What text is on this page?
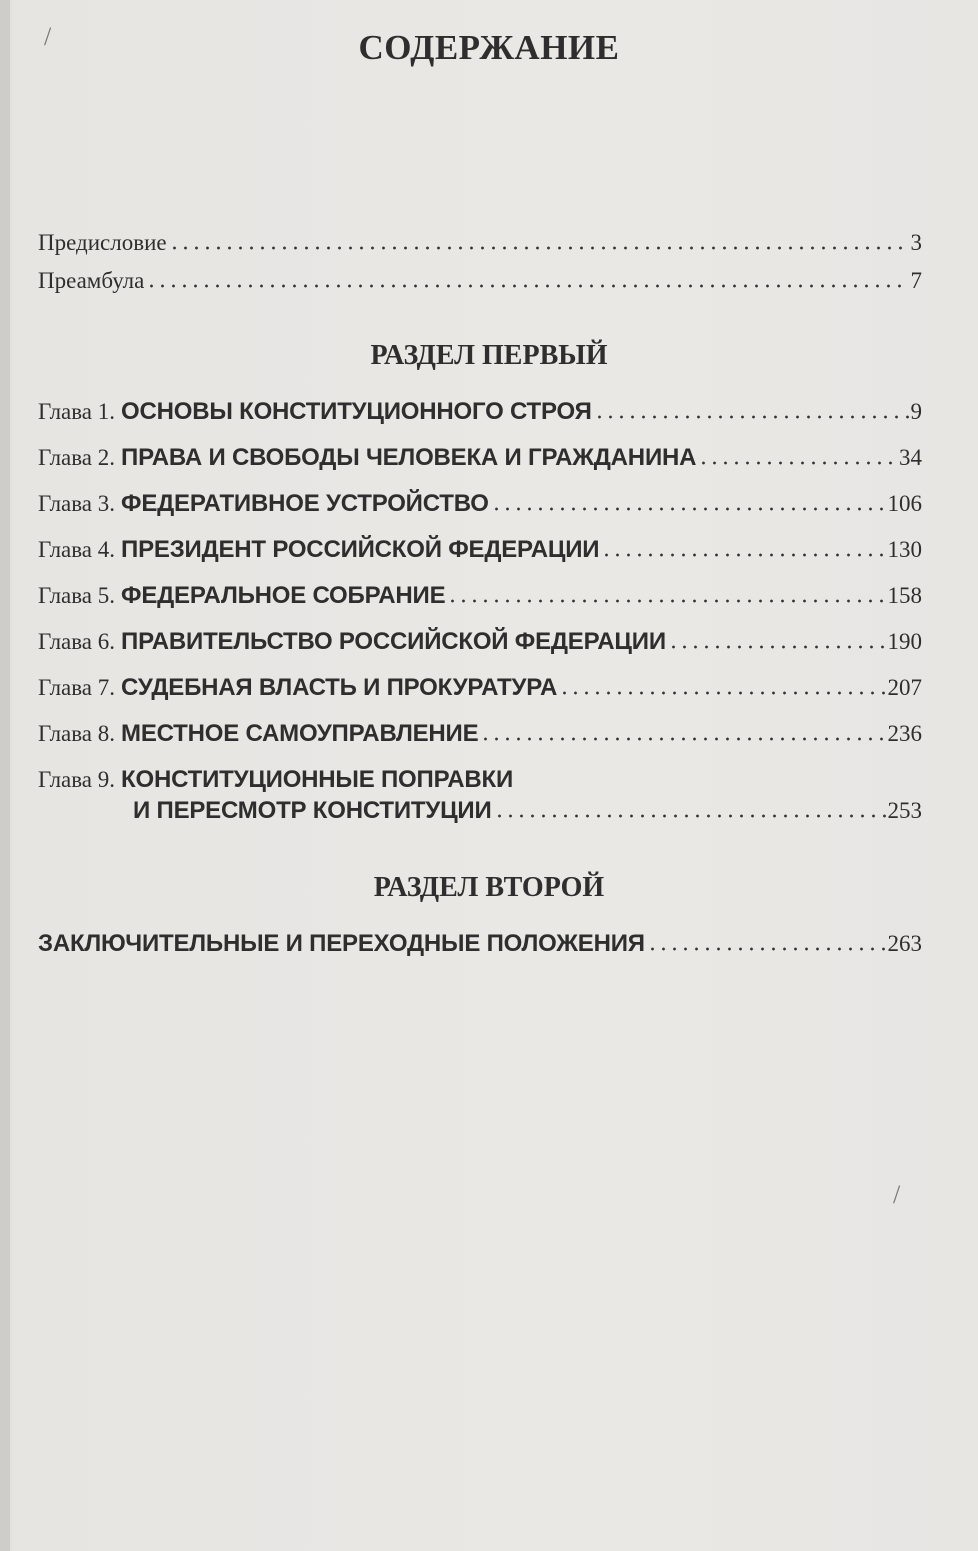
/
/
СОДЕРЖАНИЕ
Предисловие	3
Преамбула	7
РАЗДЕЛ ПЕРВЫЙ
Глава 1. ОСНОВЫ КОНСТИТУЦИОННОГО СТРОЯ	9
Глава 2. ПРАВА И СВОБОДЫ ЧЕЛОВЕКА И ГРАЖДАНИНА	34
Глава 3. ФЕДЕРАТИВНОЕ УСТРОЙСТВО	106
Глава 4. ПРЕЗИДЕНТ РОССИЙСКОЙ ФЕДЕРАЦИИ	130
Глава 5. ФЕДЕРАЛЬНОЕ СОБРАНИЕ	158
Глава 6. ПРАВИТЕЛЬСТВО РОССИЙСКОЙ ФЕДЕРАЦИИ	190
Глава 7. СУДЕБНАЯ ВЛАСТЬ И ПРОКУРАТУРА	207
Глава 8. МЕСТНОЕ САМОУПРАВЛЕНИЕ	236
Глава 9. КОНСТИТУЦИОННЫЕ ПОПРАВКИ
И ПЕРЕСМОТР КОНСТИТУЦИИ	253
РАЗДЕЛ ВТОРОЙ
ЗАКЛЮЧИТЕЛЬНЫЕ И ПЕРЕХОДНЫЕ ПОЛОЖЕНИЯ	263
